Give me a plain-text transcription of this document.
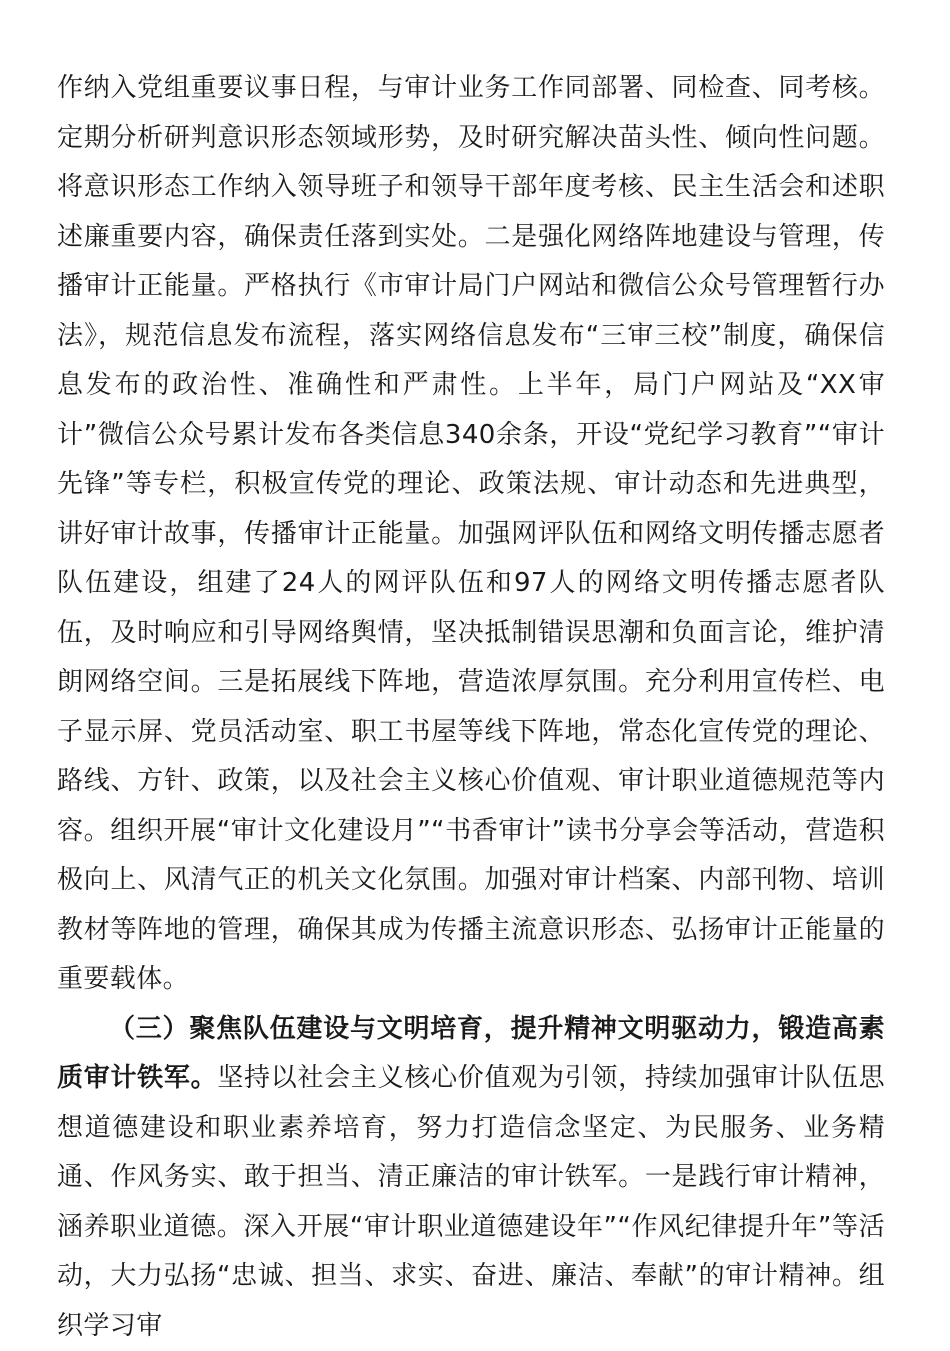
作纳入党组重要议事日程，与审计业务工作同部署、同检查、同考核。定期分析研判意识形态领域形势，及时研究解决苗头性、倾向性问题。将意识形态工作纳入领导班子和领导干部年度考核、民主生活会和述职述廉重要内容，确保责任落到实处。二是强化网络阵地建设与管理，传播审计正能量。严格执行《市审计局门户网站和微信公众号管理暂行办法》，规范信息发布流程，落实网络信息发布“三审三校”制度，确保信息发布的政治性、准确性和严肃性。上半年，局门户网站及“XX审计”微信公众号累计发布各类信息340余条，开设“党纪学习教育”“审计先锋”等专栏，积极宣传党的理论、政策法规、审计动态和先进典型，讲好审计故事，传播审计正能量。加强网评队伍和网络文明传播志愿者队伍建设，组建了24人的网评队伍和97人的网络文明传播志愿者队伍，及时响应和引导网络舆情，坚决抵制错误思潮和负面言论，维护清朗网络空间。三是拓展线下阵地，营造浓厚氛围。充分利用宣传栏、电子显示屏、党员活动室、职工书屋等线下阵地，常态化宣传党的理论、路线、方针、政策，以及社会主义核心价值观、审计职业道德规范等内容。组织开展“审计文化建设月”“书香审计”读书分享会等活动，营造积极向上、风清气正的机关文化氛围。加强对审计档案、内部刊物、培训教材等阵地的管理，确保其成为传播主流意识形态、弘扬审计正能量的重要载体。

（三）聚焦队伍建设与文明培育，提升精神文明驱动力，锻造高素质审计铁军。坚持以社会主义核心价值观为引领，持续加强审计队伍思想道德建设和职业素养培育，努力打造信念坚定、为民服务、业务精通、作风务实、敢于担当、清正廉洁的审计铁军。一是践行审计精神，涵养职业道德。深入开展“审计职业道德建设年”“作风纪律提升年”等活动，大力弘扬“忠诚、担当、求实、奋进、廉洁、奉献”的审计精神。组织学习审
